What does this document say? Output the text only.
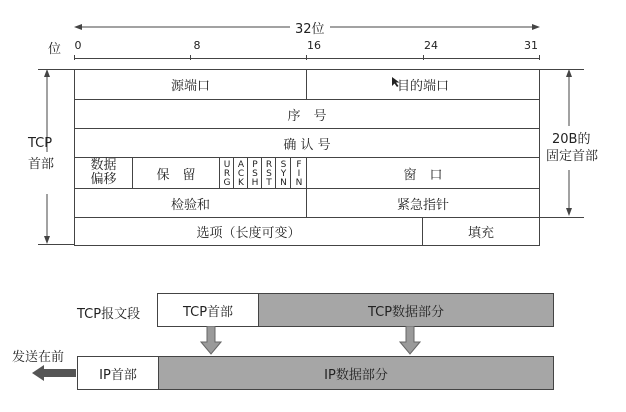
位
32位
0	8	16	24	31
TCP
首部
20B的
固定首部
源端口	目的端口
序　号
确 认 号
数据
偏移	保　留	URG ACK PSH RST SYN FIN	窗　口
检验和	紧急指针
选项（长度可变）	填充
TCP报文段	TCP首部	TCP数据部分
发送在前
IP首部	IP数据部分
